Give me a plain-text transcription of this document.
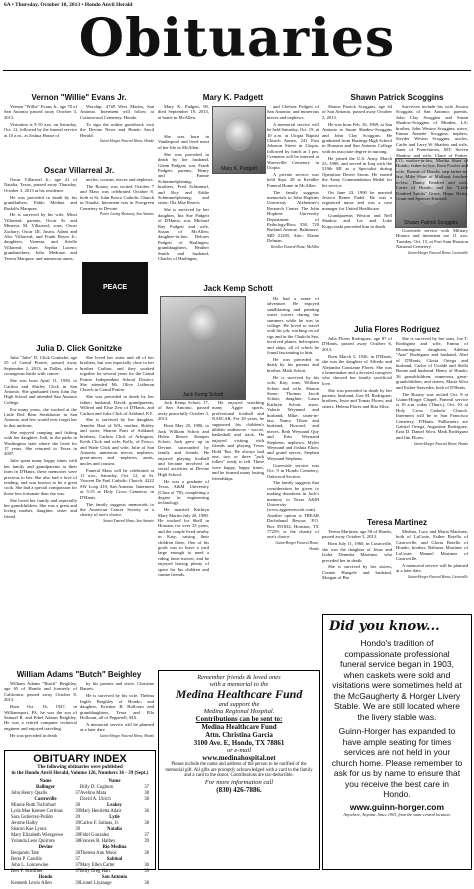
6A • Thursday, October 10, 2013 • Hondo Anvil Herald
Obituaries
Vernon "Willie" Evans Jr.

Vernon "Willie" Evans Jr., age 70 of San Antonio passed away October 3, 2013.

Visitation is 9-10 a.m. on Saturday, Oct. 12, followed by the funeral service at 10 a.m., at Joshua House of

Worship, 4748 West Martin, San Antonio. Interment will follow at Cottonwood Cemetery, Hondo.

To sign the online guestbook visit the Devine News and Hondo Anvil Herald.

Guinn-Horger Funeral Home, Hondo
Oscar Villarreal Jr.

Oscar Villarreal Jr., age 41 of Natalia, Texas, passed away Thursday, October 3, 2013 at his residence.

He was preceded in death by his grandfathers, Pablo Medina and Rudolfo Marquez.

He is survived by his wife, Missi Villarreal; parents, Oscar Sr. and Minerva M. Villarreal; sons, Oscar Zachary, Oscar III, Justin, Adam and Alec Villarreal; and Frank Reyes Jr.; daughters, Vanessa and Arielle Villarreal; sister, Sophia Lucero; grandmothers, Julia Medrano and Teresa Marquez; and numerous aunts,

uncles, cousins, nieces and nephews.

The Rosary was recited October 7 and Mass was celebrated October 8, both at St. John Bosco Catholic Church in Natalia. Interment was in Evergreen Cemetery in Devine.

Porter Loring Mortuary, San Antonio
PEACE
Mary K. Padgett

Mary K. Padgett, 90, died September 19, 2013, at home in McAllen.

Mary K. Padgett

She was born in Vanderpool and lived most of her life in McAllen.

She was preceded in death by her husband, Glenn Padgett; son, Frank Padgett; parents, Henry and Fannie Schimmelpfennig; brothers, Fred Schimmel, and Roy and Eddie Schimmelpfennig; and sister, Ola Mae Reavis.

She is survived by her daughter, Ina Sue Padgett of D'Hanis; son, Michael Ray Padgett and wife, Susan of McAllen; daughter-in-law, Delores Padgett of Harlingen; granddaughters, Heather Smith and husband, Charles of Harlingen,

and Chelsea Padgett of San Antonio; and numerous nieces and nephews.

A memorial service will be held Saturday, Oct. 19, at 10 a.m. at Utopia Baptist Church Annex, 241 East Johnson Street in Utopia, followed by lunch at 1 pm. Cremains will be interred at Waresville Cemetery in Utopia.

A private service was held Sept. 28 at Kreidler Funeral Home in McAllen.

The family suggests memorials to John Hopkins University Alzheimer's Research Center. The John Hopkins University Department of Pathology/Ross 558, 720 Rutland Avenue, Baltimore, MD 21205, Attn.: Elaine Delman.

Kreidler Funeral Home, McAllen
Shawn Patrick Scoggins

Shawn Patrick Scoggins, age 44 of San Antonio, passed away October 3, 2013.

He was born Feb. 16, 1969, at San Antonio to Susan Shadow-Scoggins and John Clay Scoggins. He graduated from Hastings High School in Houston and San Antonio College with an associate degree in nursing.

He joined the U.S. Army March 23, 1989, and served in Iraq with the 519th MI as a Specialist during Operation Desert Storm. He earned the Army Commendation Medal for his service.

On June 23, 1990 he married Jessica Renee Fadel. He was a registered nurse and was a case manager for United Healthcare.

Grandparents Weston and Nell Shadow and Liz and Luke Kopycinski preceded him in death.

Shawn Patrick Scoggins

Survivors include his wife Jessica Scoggins of San Antonio; parents, John Clay Scoggins and Susan Shadow-Scoggins of Minden, LA; brother, John Weston Scoggins; niece, Emma Annette Scoggins; nephew, Stryder Weston Scoggins; uncles, Carlie and Larry W. Shadow and wife, Janet of Frenchtown, MT; Steven Shadow and wife, Claire of Parker, CO; mother-in-law, Martha Sharr of Hondo; father-in-law, Kent Fowler and wife, Bonnie of Hondo; step-father-in-law, Mike Sharr of Midland; brother-in-law, Danny Kindred and wife, Carrie of Hondo; and his "Little Kindred Spirits" Grace, Hope, Haley, Grant and Spencer Kindred.

Graveside service with Military Honors and interment are 11 a.m. Tuesday, Oct. 15, at Fort Sam Houston National Cemetery.

Guinn-Horger Funeral Home, Castroville
Julia D. Click Gonitzke

Julia "Julie" D. Click Gonitzke, age 55 of Grand Prairie, passed away September 2, 2013, in Dallas, after a courageous battle with cancer.

She was born April 11, 1958, to Carlton and Shirley Click in San Antonio. She graduated from John Jay High School and attended San Antonio College.

For many years, she worked at the Little Red Barn Steakhouse in San Antonio, and few would ever forget her in that uniform.

She enjoyed camping and fishing with her daughter, Jodi, in the parks in Washington state where she lived for 17 years. She returned to Texas in 2007.

Julie spent many happy times with her family and grandparents at their farm in D'Hanis; these memories were precious to her. She also had a love of reading, and was known to be a great cook. She had a special compassion for those less fortunate than she was.

She loved her family and especially her grandchildren. She was a great and loving mother, daughter, sister and friend.

She loved her sister and all of her brothers, but was especially close to her brother Carlton, and they worked together for several years for the Grand Prairie Independent School District. She attended Mt. Olive Lutheran Church in Grand Prairie.

She was preceded in death by her father; husband, David; grandparents, Wilfred and Elsie Zerr of D'Hanis, and Carlton and Julia Click of Ashland, KY.

She is survived by her daughter, Jennifer Hart of WA; mother, Shirley and sister, Sharon Pratt of Ashland; brothers, Carlton Click of Arlington, Keith Click and wife, Kelly, of Frisco; and Wade Click and wife, Julie of San Antonio; numerous nieces, nephews, great-nieces and -nephews, aunts, uncles and cousins.

Funeral Mass will be celebrated at 11 a.m., Saturday, Oct. 12, at St. Vincent De Paul Catholic Church, 4222 SW Loop 410, San Antonio. Interment at 3:15 at Holy Cross Cemetery in D'Hanis.

The family suggests memorials to the American Cancer Society or a charity of one's choice.

Sunset Funeral Home, San Antonio
Jack Kemp Schott
Jack Kemp Schott

Jack Kemp Schott, 17, of San Antonio, passed away peacefully October 3, 2013.

Born May 25, 1996, to Jack William Schott and Helen Ilmore Kemper Schott, Jack grew up in Devine, surrounded by family and friends. He enjoyed playing football and became involved in social activities at Devine High School.

He was a graduate of Texas A&M University (Class of '78), completing a degree in engineering technology.

He married Kathryn Mary Martin July 26, 1980. He worked for Shell in Houston for over 33 years, and the couple lived nearby in Katy, raising their children there. One of his goals was to leave a yard large enough to need a riding lawn mower, and he enjoyed having plenty of space for his children and canine friends.

He enjoyed watching many Aggie sports, professional football and NASCAR. For 20 years, he supported his children's athletic endeavors - soccer, basketball and track. He enjoyed visiting with friends and playing Texas Hold 'Em. He always had one, two or three "jack folkes" ready to tell. These were happy, happy times, and he formed many lasting friendships.

He had a sense of adventure. He enjoyed sandblasting and painting water towers during the summers while he was in college. He loved to travel with his job, working on oil rigs and in the Chukchi Sea, involved planes, helicopters and ships, all of which he found fascinating to him.

He was preceded in death by his parents and brother, Mark Schott.

He is survived by his wife, Kay; sons, William Schott and wife, Sharon Stone; Thomas Jacob Schott; daughter, Laura Kathryn Schott; sister, Valerie Weynand and husband, Mike; sister-in-law, Nancy Tilton and husband, Howard; and nieces, Beth Weynand Quy and Erin Weynand Stephens; nephews, Myles Weynand and Joshua Elton; and grand nieces, Stephen Weynand Stephens.

Graveside service was Oct. 9 in Hondo Cemetery, Oakwood Section.

The family suggests that consideration be given to making donations in Jack's memory to Texas A&M University (www.aggienetwork.com). Another option is TREAR Dachshund Rescue, P.O. Box 591834, Houston, TX 77259; or the charity of one's choice.

Guinn-Horger Funeral Home, Hondo
Julia Flores Rodriguez

Julia Flores Rodriguez, age 87 of D'Hanis, passed away October 6, 2013.

Born March 5, 1926, in D'Hanis, she was the daughter of Alfredo and Alejandra Constante Flores. She was a homemaker and a devoted caregiver who showed her family sacrificial love.

She was preceded in death by her parents; husband, Jose M. Rodriguez; brothers, Jesse and Tomas Flores; and sisters, Helena Flores and Rita Silva.

She is survived by her sons, Joe T. Rodriguez and wife, Emma of Bloomington; daughters, Adelina "Ann" Rodriguez and husband, Abel of D'Hanis, Gloria Ortega and husband, Carlos of Uvalde and Stella Boone and husband, Henry of Hondo; 36 grandchildren; numerous great-grandchildren; and sisters, Maria Silva and Esther Saavedra, both of D'Hanis.

The Rosary was recited Oct. 8 at Guinn-Horger Chapel. Funeral service is 10 a.m. today (Thurs.), Oct. 10, at Holy Cross Catholic Church. Interment will be in San Francisco Cemetery, D'Hanis. Pallbearers are Gabriel Ortega, Augustine Rodriguez, Ezra D. Daniel Silva, Mark Rodriguez and Jim Flores.

Guinn-Horger Funeral Home, Hondo
Teresa Martinez

Teresa Martinez, age 50 of Hondo, passed away October 3, 2013.

Born July 11, 1960, in Castroville, she was the daughter of Jesus and Isidra Dennsha Martinez, who preceded her in death.

She is survived by her sisters, Connie Huegele and husband, Morgan of Bio

Medina, Lucy and Maria Martinez, both of LaCoste, Esther Botello of Castroville, and Gloria Botello of Hondo; brother, Baltazar Martinez of LaCoste; Manuel Martinez of Castroville.

A memorial service will be planned at a later date.

Guinn-Horger Funeral Home, Castroville
William Adams "Butch" Beighley

William Adams "Butch" Beighley, age 65 of Hondo and formerly of California, passed away October 8, 2013.

Born Oct. 16, 1947, in Williamsport, PA, he was the son of Samuel R. and Ethel Adams Beighley. He was a retired computer technical engineer and enjoyed traveling.

He was preceded in death

by his parents and sister, Christine Barrett.

He is survived by his wife, Thelma Inglès Beighley of Hondo; and daughter, Kristine B. Holloran and granddaughters, Tessa and Ella Holloran, all of Pepperell, MA.

A memorial service will be planned at a later date.

Guinn-Horger Funeral Home, Hondo
OBITUARY INDEX
The following obituaries were published
in the Hondo Anvil Herald, Volume 126, Numbers 36 - 39 (Sept.)
Name
Ballinger
John Henry Qualls	37
Castroville
Minnie Ruth Tschirhart	38
Lyda Mae Keesee Cortinas	39
Sara Gutierrez-Pulido	39
Jerome Halby	39
Sharon Kae Lyons	39
Mary Elizabeth Wiesgrewe	39
Yolanda Leos Quirrote	38
Devine
Benjamin Tate	38
Berta P. Castillo	37
John L. Lonnowine	37
Bert F. Schiffner	37
Hondo
Kenneth Lewis Allen	39
Name
Billy D. Cogburn	37
Avelino Mata	38
David A. Ulrich	38
Leakey
Mary Henrietta Adair	36
Lytle
Carlos F. Salinas, Jr.	38
Natalia
Fidel Gonzalez	37
Frances R. Halbey	39
Rio Medina
Theresa Ann Moos	38
Sabinal
Mary Ellen Carter	36
Billy Greg Hart	39
San Antonio
Lionel Liyanage	38
Remember friends & loved ones
with a memorial to the
Medina Healthcare Fund
and support the
Medina Regional Hospital.
Contributions can be sent to:
Medina Healthcare Fund
Attn. Christina Garcia
3100 Ave. E, Hondo, TX 78861
or e-mail
www.medinahospital.net
Please include the name and address of the person to be notified of the memorial gift. All gifts are promptly acknowledged with a card to the family and a card to the donor. Contributions are tax-deductible.
For more information call
(830) 426-7886.
Did you know...
Hondo's tradition of compassionate professional funeral service began in 1903, when caskets were sold and visitations were sometimes held at the McGaugherty & Horger Livery Stable. We are still located where the livery stable was.
Guinn-Horger has expanded to have ample seating for times services are not held in your church home. Please remember to ask for us by name to ensure that you receive the best care in Hondo.
www.guinn-horger.com
Anywhere, Anytime, Since 1903, from the same central location.
